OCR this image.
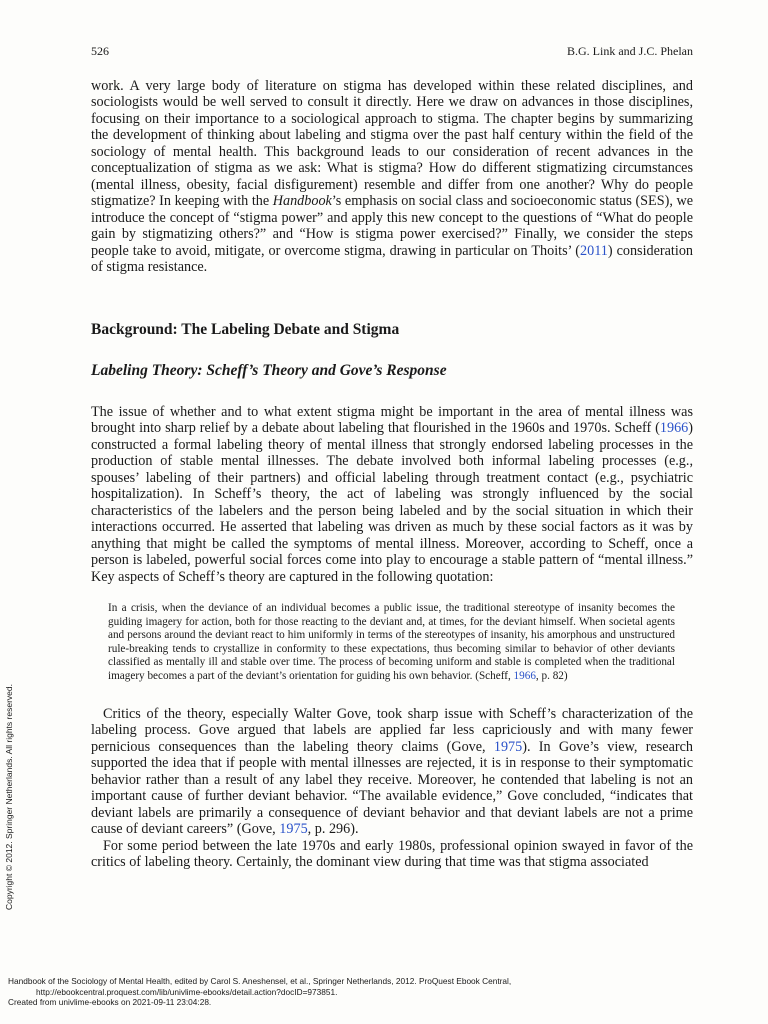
526	B.G. Link and J.C. Phelan

work. A very large body of literature on stigma has developed within these related disciplines, and sociologists would be well served to consult it directly. Here we draw on advances in those disciplines, focusing on their importance to a sociological approach to stigma. The chapter begins by summarizing the development of thinking about labeling and stigma over the past half century within the field of the sociology of mental health. This background leads to our consideration of recent advances in the conceptualization of stigma as we ask: What is stigma? How do different stigmatizing circumstances (mental illness, obesity, facial disfigurement) resemble and differ from one another? Why do people stigmatize? In keeping with the Handbook’s emphasis on social class and socioeconomic status (SES), we introduce the concept of “stigma power” and apply this new concept to the questions of “What do people gain by stigmatizing others?” and “How is stigma power exercised?” Finally, we consider the steps people take to avoid, mitigate, or overcome stigma, drawing in particular on Thoits’ (2011) consideration of stigma resistance.

Background: The Labeling Debate and Stigma
Labeling Theory: Scheff’s Theory and Gove’s Response

The issue of whether and to what extent stigma might be important in the area of mental illness was brought into sharp relief by a debate about labeling that flourished in the 1960s and 1970s. Scheff (1966) constructed a formal labeling theory of mental illness that strongly endorsed labeling processes in the production of stable mental illnesses. The debate involved both informal labeling processes (e.g., spouses’ labeling of their partners) and official labeling through treatment contact (e.g., psychiatric hospitalization). In Scheff’s theory, the act of labeling was strongly influenced by the social characteristics of the labelers and the person being labeled and by the social situation in which their interactions occurred. He asserted that labeling was driven as much by these social factors as it was by anything that might be called the symptoms of mental illness. Moreover, according to Scheff, once a person is labeled, powerful social forces come into play to encourage a stable pattern of “mental illness.” Key aspects of Scheff’s theory are captured in the following quotation:

In a crisis, when the deviance of an individual becomes a public issue, the traditional stereotype of insanity becomes the guiding imagery for action, both for those reacting to the deviant and, at times, for the deviant himself. When societal agents and persons around the deviant react to him uniformly in terms of the stereotypes of insanity, his amorphous and unstructured rule-breaking tends to crystallize in conformity to these expectations, thus becoming similar to behavior of other deviants classified as mentally ill and stable over time. The process of becoming uniform and stable is completed when the traditional imagery becomes a part of the deviant’s orientation for guiding his own behavior. (Scheff, 1966, p. 82)

Critics of the theory, especially Walter Gove, took sharp issue with Scheff’s characterization of the labeling process. Gove argued that labels are applied far less capriciously and with many fewer pernicious consequences than the labeling theory claims (Gove, 1975). In Gove’s view, research supported the idea that if people with mental illnesses are rejected, it is in response to their symptomatic behavior rather than a result of any label they receive. Moreover, he contended that labeling is not an important cause of further deviant behavior. “The available evidence,” Gove concluded, “indicates that deviant labels are primarily a consequence of deviant behavior and that deviant labels are not a prime cause of deviant careers” (Gove, 1975, p. 296).

For some period between the late 1970s and early 1980s, professional opinion swayed in favor of the critics of labeling theory. Certainly, the dominant view during that time was that stigma associated

Copyright © 2012. Springer Netherlands. All rights reserved.
Handbook of the Sociology of Mental Health, edited by Carol S. Aneshensel, et al., Springer Netherlands, 2012. ProQuest Ebook Central,
http://ebookcentral.proquest.com/lib/univlime-ebooks/detail.action?docID=973851.
Created from univlime-ebooks on 2021-09-11 23:04:28.
